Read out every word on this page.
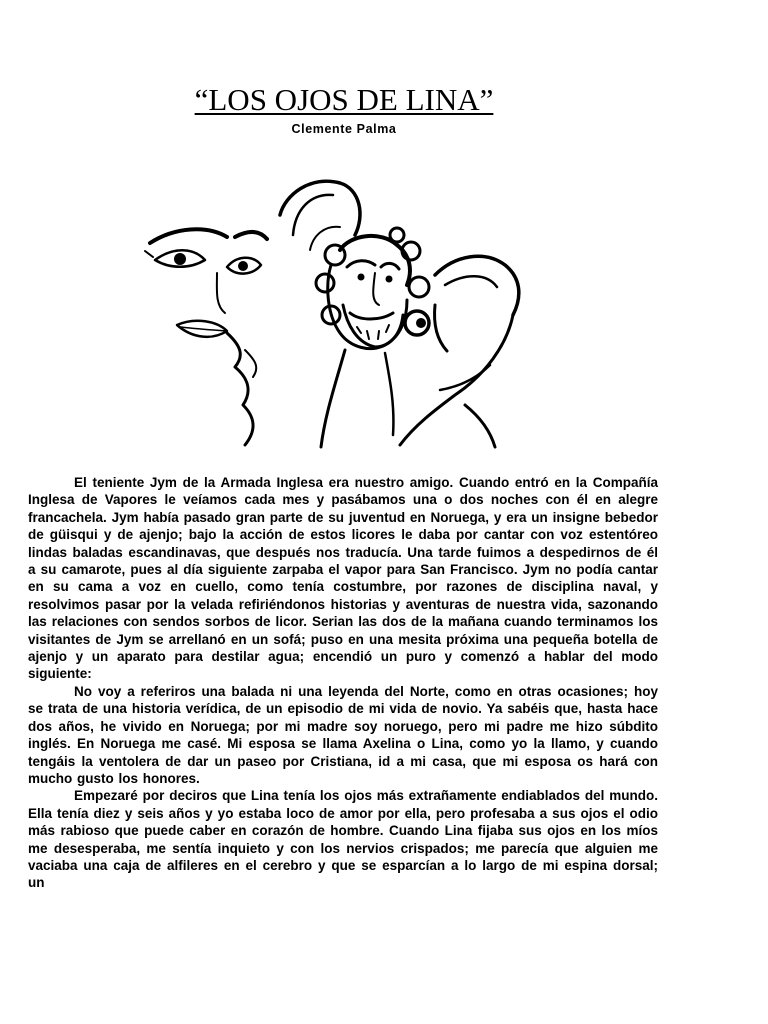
“LOS OJOS DE LINA”
Clemente Palma

El teniente Jym de la Armada Inglesa era nuestro amigo. Cuando entró en la Compañía Inglesa de Vapores le veíamos cada mes y pasábamos una o dos noches con él en alegre francachela. Jym había pasado gran parte de su juventud en Noruega, y era un insigne bebedor de güisqui y de ajenjo; bajo la acción de estos licores le daba por cantar con voz estentóreo lindas baladas escandinavas, que después nos traducía. Una tarde fuimos a despedirnos de él a su camarote, pues al día siguiente zarpaba el vapor para San Francisco. Jym no podía cantar en su cama a voz en cuello, como tenía costumbre, por razones de disciplina naval, y resolvimos pasar por la velada refiriéndonos historias y aventuras de nuestra vida, sazonando las relaciones con sendos sorbos de licor. Serian las dos de la mañana cuando terminamos los visitantes de Jym se arrellanó en un sofá; puso en una mesita próxima una pequeña botella de ajenjo y un aparato para destilar agua; encendió un puro y comenzó a hablar del modo siguiente:

No voy a referiros una balada ni una leyenda del Norte, como en otras ocasiones; hoy se trata de una historia verídica, de un episodio de mi vida de novio. Ya sabéis que, hasta hace dos años, he vivido en Noruega; por mi madre soy noruego, pero mi padre me hizo súbdito inglés. En Noruega me casé. Mi esposa se llama Axelina o Lina, como yo la llamo, y cuando tengáis la ventolera de dar un paseo por Cristiana, id a mi casa, que mi esposa os hará con mucho gusto los honores.

Empezaré por deciros que Lina tenía los ojos más extrañamente endiablados del mundo. Ella tenía diez y seis años y yo estaba loco de amor por ella, pero profesaba a sus ojos el odio más rabioso que puede caber en corazón de hombre. Cuando Lina fijaba sus ojos en los míos me desesperaba, me sentía inquieto y con los nervios crispados; me parecía que alguien me vaciaba una caja de alfileres en el cerebro y que se esparcían a lo largo de mi espina dorsal; un
